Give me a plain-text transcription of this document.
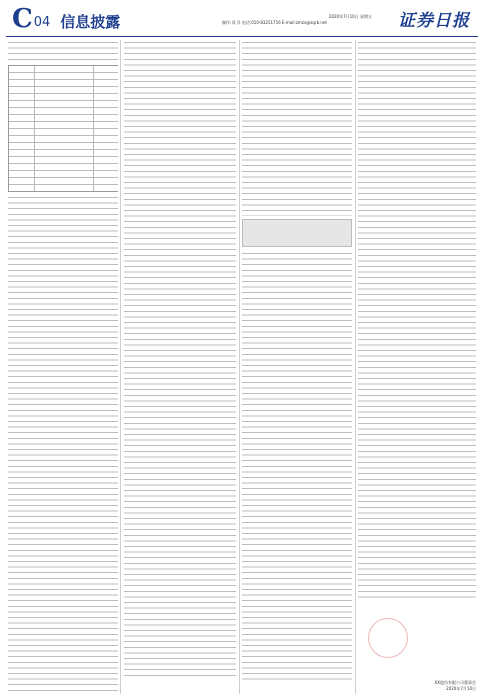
C 04 信息披露	2020年7月10日 星期五
制作:刘 洋 电话:010-83251716 E-mail:zmzx@zqrb.net	证券日报
XX股份有限公司董事会
2020年7月10日
